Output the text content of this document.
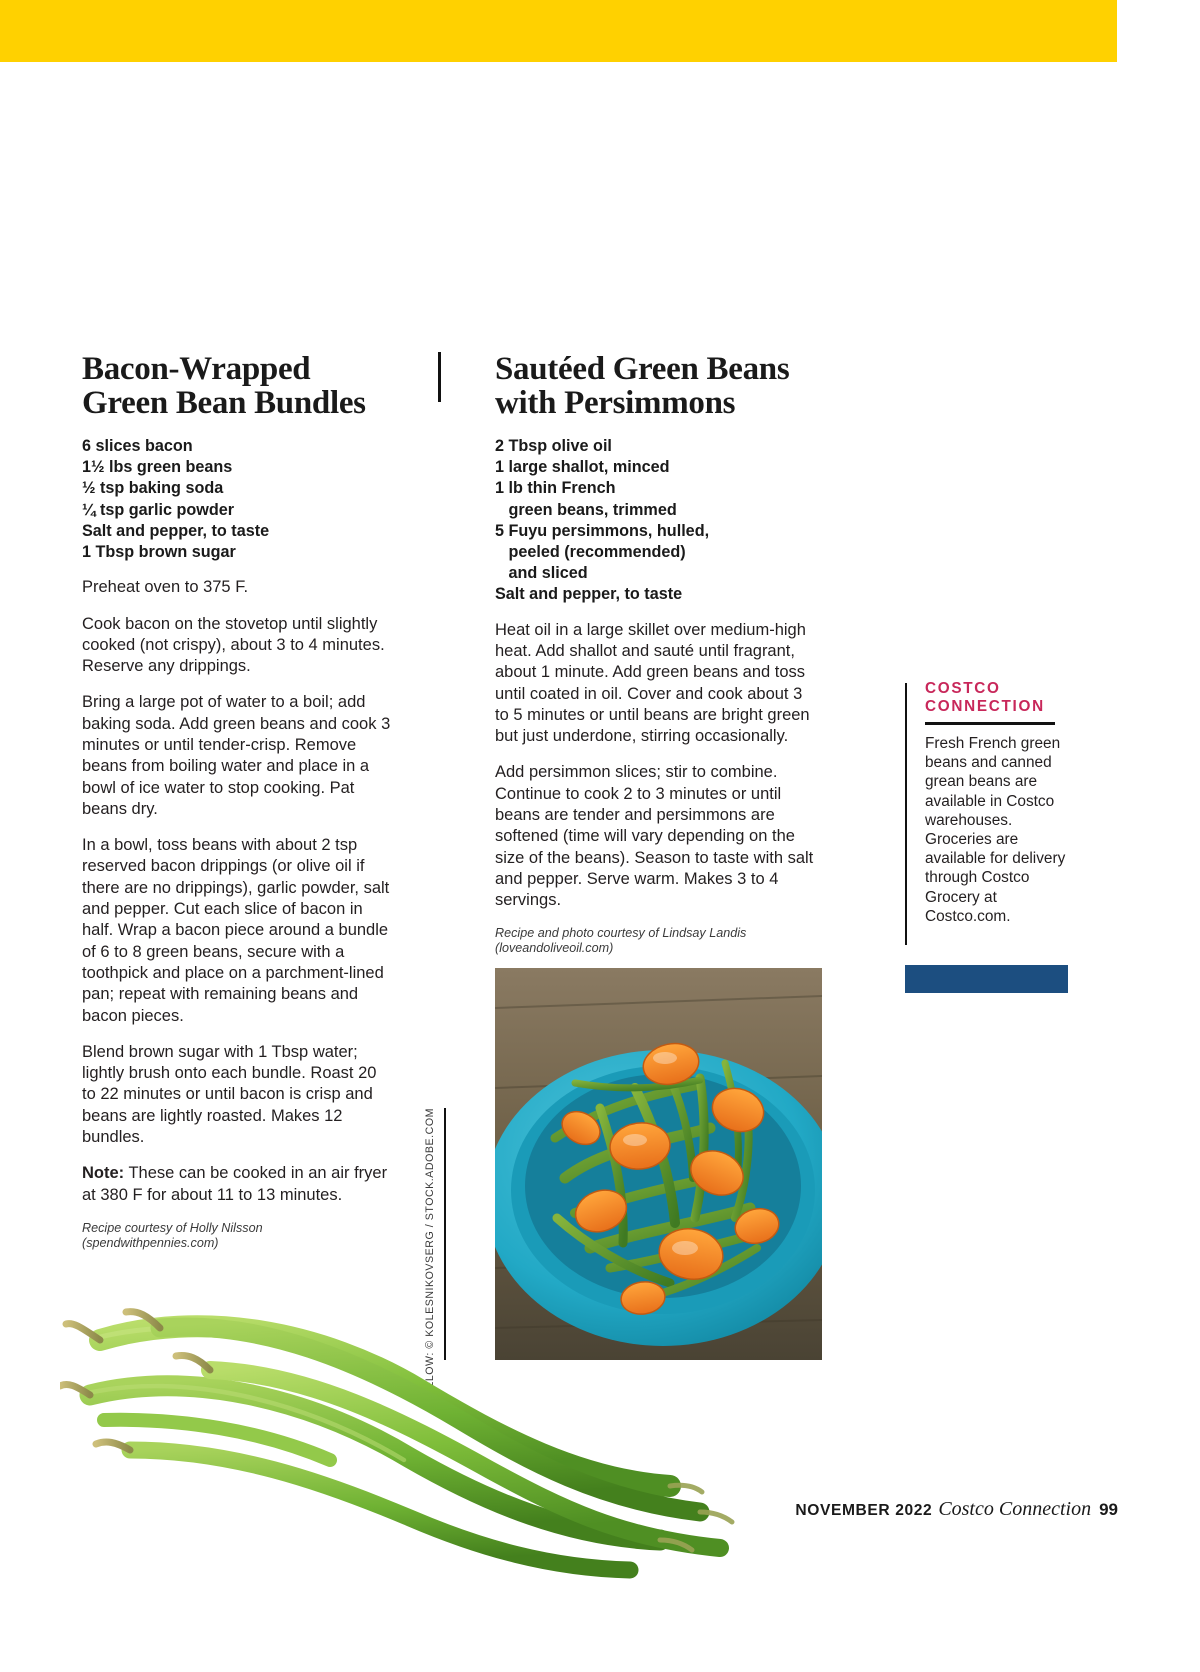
Bacon-Wrapped
Green Bean Bundles
6 slices bacon
1½ lbs green beans
½ tsp baking soda
¼ tsp garlic powder
Salt and pepper, to taste
1 Tbsp brown sugar

Preheat oven to 375 F.

Cook bacon on the stovetop until slightly cooked (not crispy), about 3 to 4 minutes. Reserve any drippings.

Bring a large pot of water to a boil; add baking soda. Add green beans and cook 3 minutes or until tender-crisp. Remove beans from boiling water and place in a bowl of ice water to stop cooking. Pat beans dry.

In a bowl, toss beans with about 2 tsp reserved bacon drippings (or olive oil if there are no drippings), garlic powder, salt and pepper. Cut each slice of bacon in half. Wrap a bacon piece around a bundle of 6 to 8 green beans, secure with a toothpick and place on a parchment-lined pan; repeat with remaining beans and bacon pieces.

Blend brown sugar with 1 Tbsp water; lightly brush onto each bundle. Roast 20 to 22 minutes or until bacon is crisp and beans are lightly roasted. Makes 12 bundles.

Note: These can be cooked in an air fryer at 380 F for about 11 to 13 minutes.

Recipe courtesy of Holly Nilsson
(spendwithpennies.com)

Sautéed Green Beans
with Persimmons
2 Tbsp olive oil
1 large shallot, minced
1 lb thin French
green beans, trimmed
5 Fuyu persimmons, hulled,
peeled (recommended)
and sliced
Salt and pepper, to taste

Heat oil in a large skillet over medium-high heat. Add shallot and sauté until fragrant, about 1 minute. Add green beans and toss until coated in oil. Cover and cook about 3 to 5 minutes or until beans are bright green but just underdone, stirring occasionally.

Add persimmon slices; stir to combine. Continue to cook 2 to 3 minutes or until beans are tender and persimmons are softened (time will vary depending on the size of the beans). Season to taste with salt and pepper. Serve warm. Makes 3 to 4 servings.

Recipe and photo courtesy of Lindsay Landis
(loveandoliveoil.com)

BELOW: © KOLESNIKOVSERG / STOCK.ADOBE.COM

COSTCO
CONNECTION

Fresh French green beans and canned grean beans are available in Costco warehouses. Groceries are available for delivery through Costco Grocery at Costco.com.

NOVEMBER 2022 Costco Connection 99
